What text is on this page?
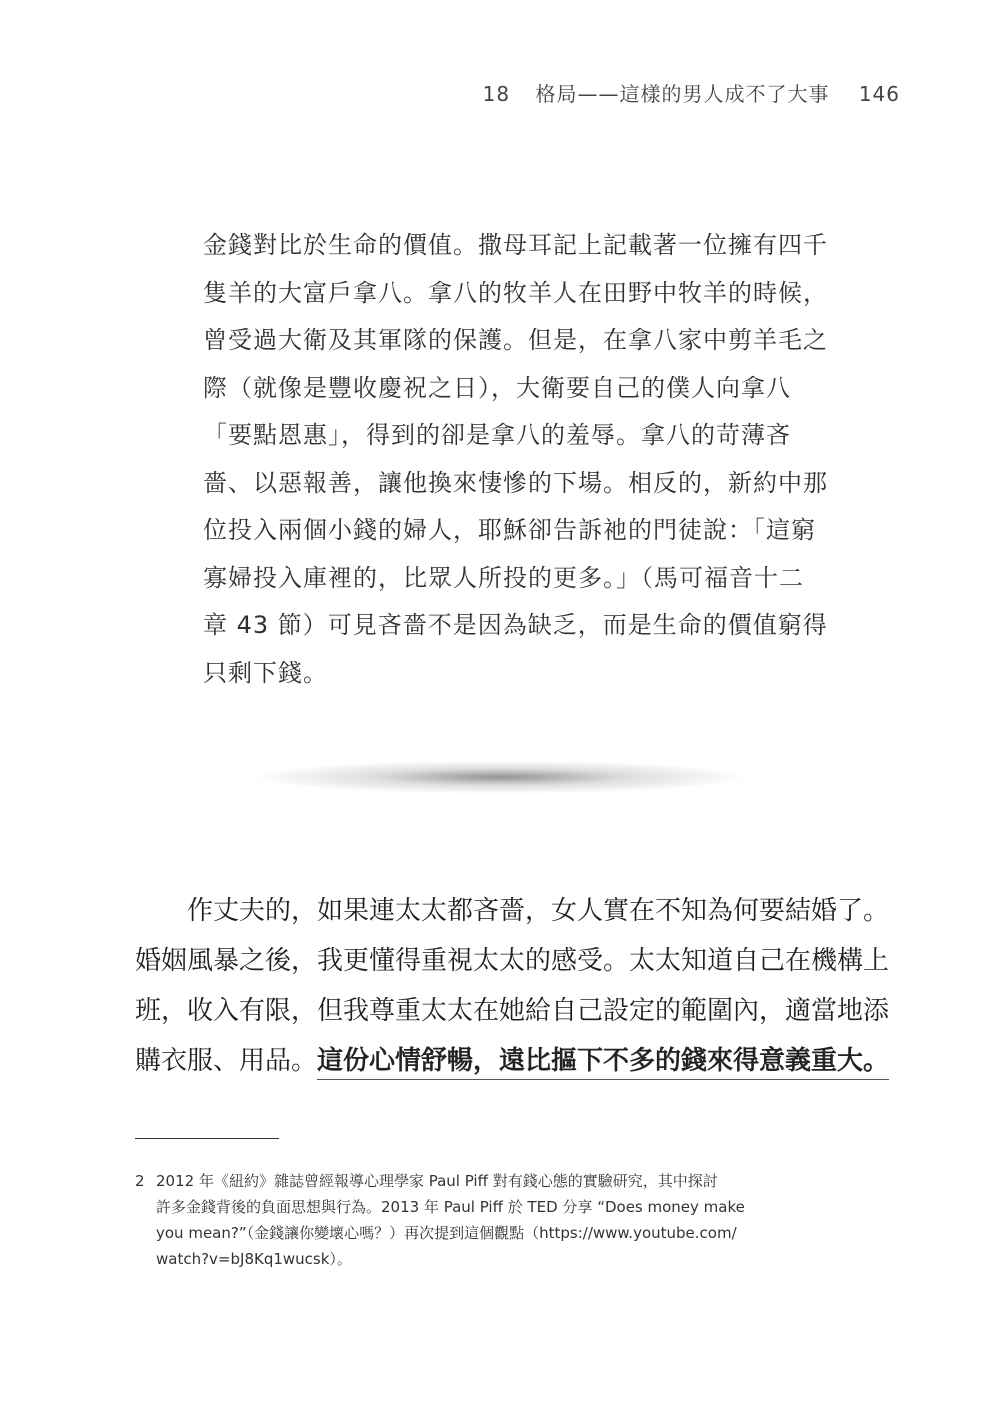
18 格局——這樣的男人成不了大事 146
金錢對比於生命的價值。撒母耳記上記載著一位擁有四千
隻羊的大富戶拿八。拿八的牧羊人在田野中牧羊的時候，
曾受過大衛及其軍隊的保護。但是，在拿八家中剪羊毛之
際（就像是豐收慶祝之日），大衛要自己的僕人向拿八
「要點恩惠」，得到的卻是拿八的羞辱。拿八的苛薄吝
嗇、以惡報善，讓他換來悽慘的下場。相反的，新約中那
位投入兩個小錢的婦人，耶穌卻告訴祂的門徒說：「這窮
寡婦投入庫裡的，比眾人所投的更多。」（馬可福音十二
章 43 節）可見吝嗇不是因為缺乏，而是生命的價值窮得
只剩下錢。
作丈夫的，如果連太太都吝嗇，女人實在不知為何要結婚了。
婚姻風暴之後，我更懂得重視太太的感受。太太知道自己在機構上
班，收入有限，但我尊重太太在她給自己設定的範圍內，適當地添
購衣服、用品。這份心情舒暢，遠比摳下不多的錢來得意義重大。
2 2012 年《紐約》雜誌曾經報導心理學家 Paul Piff 對有錢心態的實驗研究，其中探討
許多金錢背後的負面思想與行為。2013 年 Paul Piff 於 TED 分享 “Does money make
you mean?”（金錢讓你變壞心嗎？）再次提到這個觀點（https://www.youtube.com/
watch?v=bJ8Kq1wucsk）。
